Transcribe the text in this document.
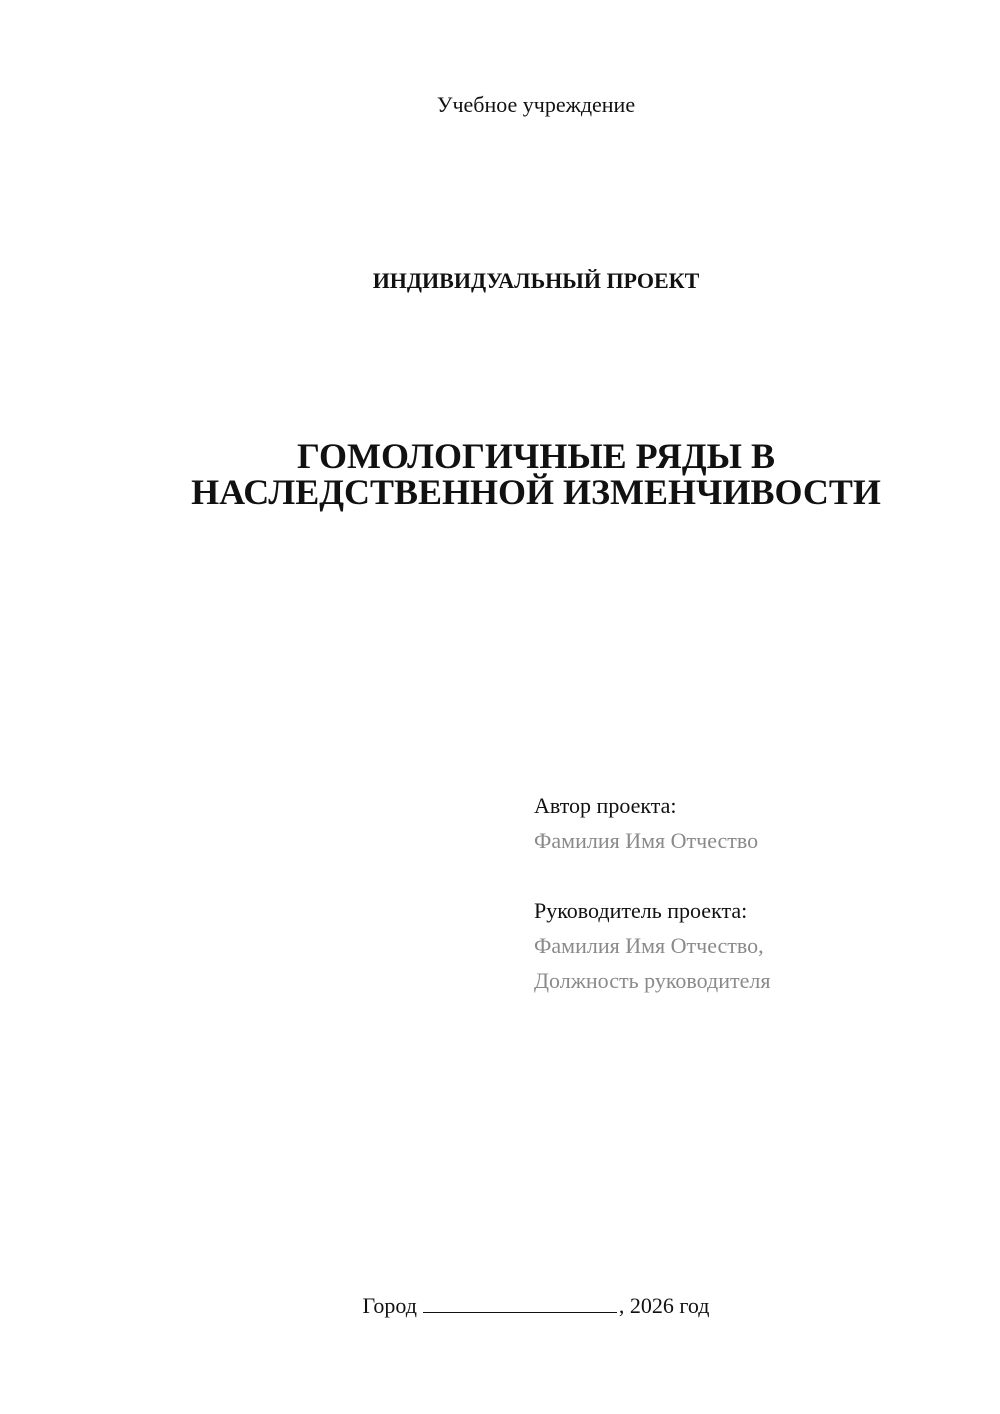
Учебное учреждение
ИНДИВИДУАЛЬНЫЙ ПРОЕКТ
ГОМОЛОГИЧНЫЕ РЯДЫ В
НАСЛЕДСТВЕННОЙ ИЗМЕНЧИВОСТИ
Автор проекта:
Фамилия Имя Отчество
Руководитель проекта:
Фамилия Имя Отчество,
Должность руководителя
Город	, 2026 год
